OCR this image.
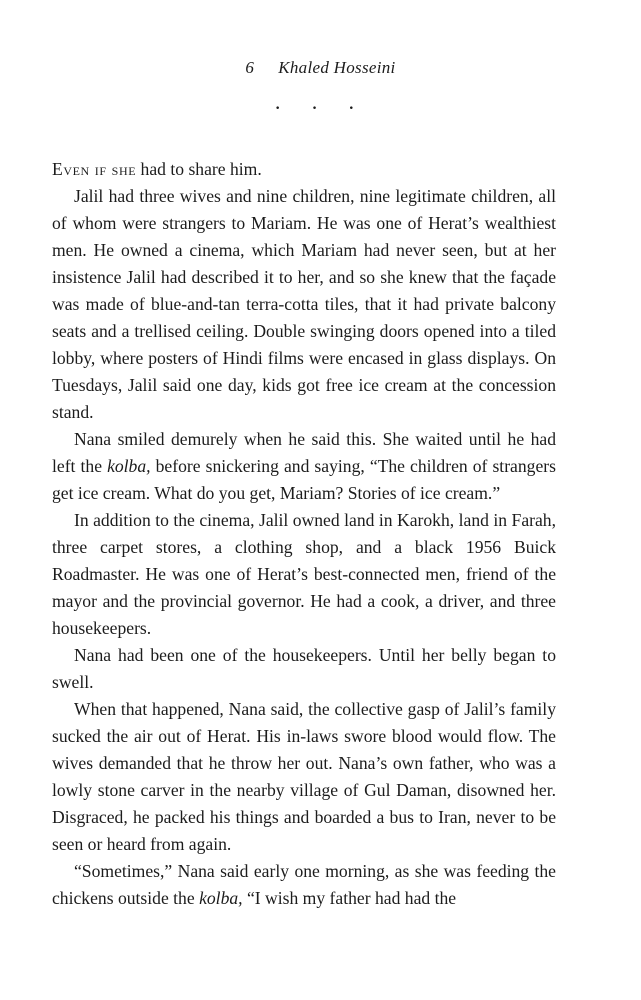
6 Khaled Hosseini
· · ·

Even if she had to share him.

Jalil had three wives and nine children, nine legitimate children, all of whom were strangers to Mariam. He was one of Herat’s wealthiest men. He owned a cinema, which Mariam had never seen, but at her insistence Jalil had described it to her, and so she knew that the façade was made of blue-and-tan terra-cotta tiles, that it had private balcony seats and a trellised ceiling. Double swinging doors opened into a tiled lobby, where posters of Hindi films were encased in glass displays. On Tuesdays, Jalil said one day, kids got free ice cream at the concession stand.

Nana smiled demurely when he said this. She waited until he had left the kolba, before snickering and saying, “The children of strangers get ice cream. What do you get, Mariam? Stories of ice cream.”

In addition to the cinema, Jalil owned land in Karokh, land in Farah, three carpet stores, a clothing shop, and a black 1956 Buick Roadmaster. He was one of Herat’s best-connected men, friend of the mayor and the provincial governor. He had a cook, a driver, and three housekeepers.

Nana had been one of the housekeepers. Until her belly began to swell.

When that happened, Nana said, the collective gasp of Jalil’s family sucked the air out of Herat. His in-laws swore blood would flow. The wives demanded that he throw her out. Nana’s own father, who was a lowly stone carver in the nearby village of Gul Daman, disowned her. Disgraced, he packed his things and boarded a bus to Iran, never to be seen or heard from again.

“Sometimes,” Nana said early one morning, as she was feeding the chickens outside the kolba, “I wish my father had had the
